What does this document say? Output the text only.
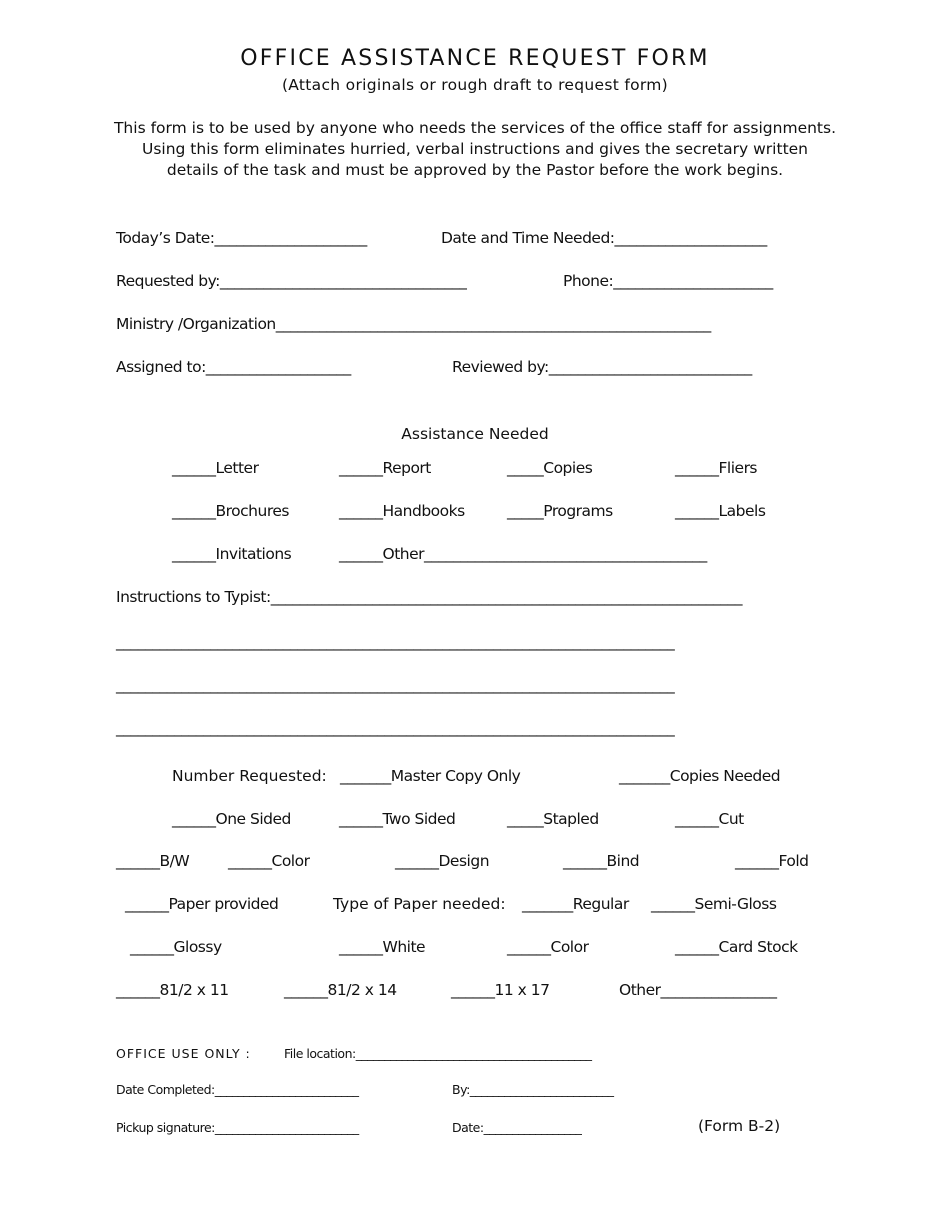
OFFICE ASSISTANCE REQUEST FORM
(Attach originals or rough draft to request form)
This form is to be used by anyone who needs the services of the office staff for assignments.
Using this form eliminates hurried, verbal instructions and gives the secretary written
details of the task and must be approved by the Pastor before the work begins.
Today’s Date:_____________________	Date and Time Needed:_____________________
Requested by:__________________________________	Phone:______________________
Ministry /Organization____________________________________________________________
Assigned to:____________________	Reviewed by:____________________________
Assistance Needed
______Letter	______Report	_____Copies	______Fliers
______Brochures	______Handbooks	_____Programs	______Labels
______Invitations	______Other_______________________________________
Instructions to Typist:_________________________________________________________________
_____________________________________________________________________________
_____________________________________________________________________________
_____________________________________________________________________________
Number Requested: _______Master Copy Only	_______Copies Needed
______One Sided	______Two Sided	_____Stapled	______Cut
______B/W	______Color	______Design	______Bind	______Fold
______Paper provided	Type of Paper needed: _______Regular ______Semi-Gloss
______Glossy	______White	______Color	______Card Stock
______81/2 x 11	______81/2 x 14	______11 x 17	Other________________
OFFICE USE ONLY :	File location:_________________________________________
Date Completed:_________________________	By:_________________________
Pickup signature:_________________________	Date:_________________	(Form B-2)
